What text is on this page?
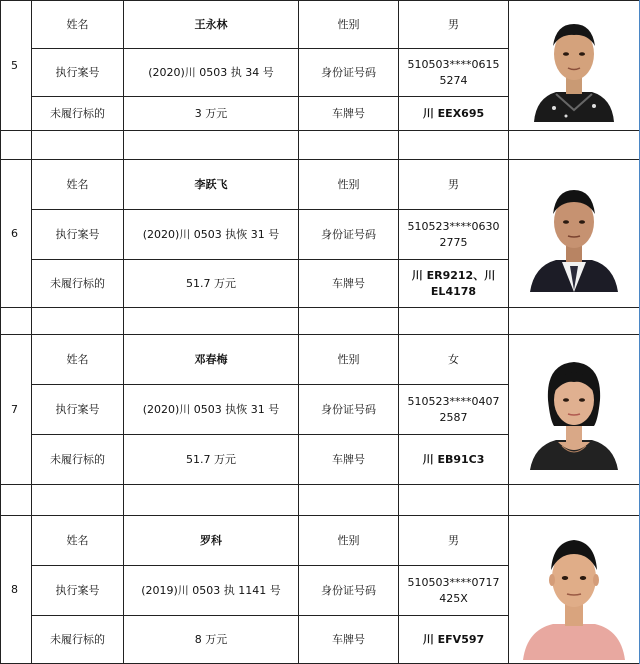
5	姓名	王永林	性别	男	

	执行案号	(2020)川 0503 执 34 号	身份证号码	510503****0615
5274	
	未履行标的	3 万元	车牌号	川 EEX695	

6	姓名	李跃飞	性别	男	

	执行案号	(2020)川 0503 执恢 31 号	身份证号码	510523****0630
2775	
	未履行标的	51.7 万元	车牌号	川 ER9212、川
EL4178	

7	姓名	邓春梅	性别	女	

	执行案号	(2020)川 0503 执恢 31 号	身份证号码	510523****0407
2587	
	未履行标的	51.7 万元	车牌号	川 EB91C3	

8	姓名	罗科	性别	男	

	执行案号	(2019)川 0503 执 1141 号	身份证号码	510503****0717
425X	
	未履行标的	8 万元	车牌号	川 EFV597	
